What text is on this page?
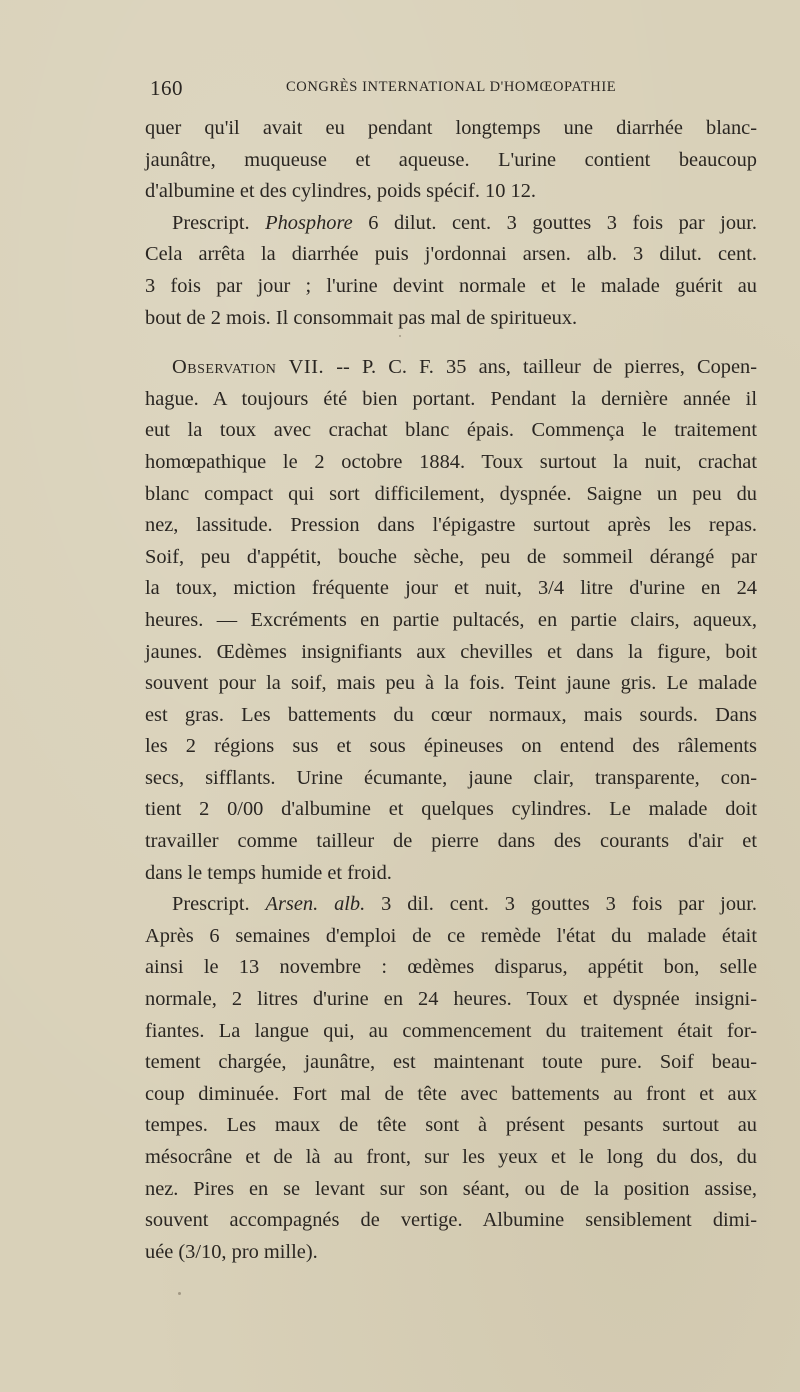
160	CONGRÈS INTERNATIONAL D'HOMŒOPATHIE
quer qu'il avait eu pendant longtemps une diarrhée blanc-
jaunâtre, muqueuse et aqueuse. L'urine contient beaucoup
d'albumine et des cylindres, poids spécif. 10 12.
Prescript. Phosphore 6 dilut. cent. 3 gouttes 3 fois par jour.
Cela arrêta la diarrhée puis j'ordonnai arsen. alb. 3 dilut. cent.
3 fois par jour ; l'urine devint normale et le malade guérit au
bout de 2 mois. Il consommait pas mal de spiritueux.
Observation VII. -- P. C. F. 35 ans, tailleur de pierres, Copen-
hague. A toujours été bien portant. Pendant la dernière année il
eut la toux avec crachat blanc épais. Commença le traitement
homœpathique le 2 octobre 1884. Toux surtout la nuit, crachat
blanc compact qui sort difficilement, dyspnée. Saigne un peu du
nez, lassitude. Pression dans l'épigastre surtout après les repas.
Soif, peu d'appétit, bouche sèche, peu de sommeil dérangé par
la toux, miction fréquente jour et nuit, 3/4 litre d'urine en 24
heures. — Excréments en partie pultacés, en partie clairs, aqueux,
jaunes. Œdèmes insignifiants aux chevilles et dans la figure, boit
souvent pour la soif, mais peu à la fois. Teint jaune gris. Le malade
est gras. Les battements du cœur normaux, mais sourds. Dans
les 2 régions sus et sous épineuses on entend des râlements
secs, sifflants. Urine écumante, jaune clair, transparente, con-
tient 2 0/00 d'albumine et quelques cylindres. Le malade doit
travailler comme tailleur de pierre dans des courants d'air et
dans le temps humide et froid.
Prescript. Arsen. alb. 3 dil. cent. 3 gouttes 3 fois par jour.
Après 6 semaines d'emploi de ce remède l'état du malade était
ainsi le 13 novembre : œdèmes disparus, appétit bon, selle
normale, 2 litres d'urine en 24 heures. Toux et dyspnée insigni-
fiantes. La langue qui, au commencement du traitement était for-
tement chargée, jaunâtre, est maintenant toute pure. Soif beau-
coup diminuée. Fort mal de tête avec battements au front et aux
tempes. Les maux de tête sont à présent pesants surtout au
mésocrâne et de là au front, sur les yeux et le long du dos, du
nez. Pires en se levant sur son séant, ou de la position assise,
souvent accompagnés de vertige. Albumine sensiblement dimi-
uée (3/10, pro mille).
